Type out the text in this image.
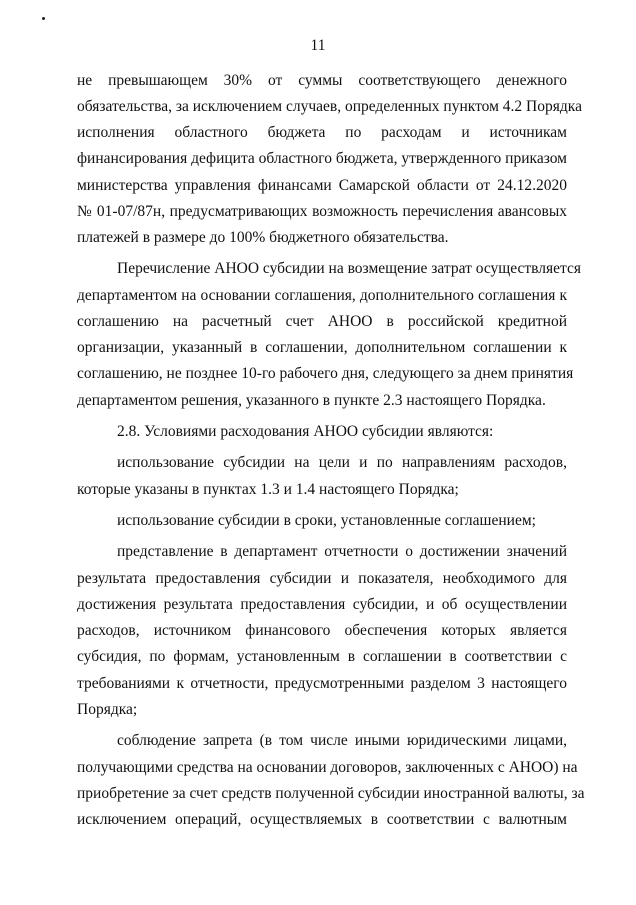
11
не превышающем 30% от суммы соответствующего денежного
обязательства, за исключением случаев, определенных пунктом 4.2 Порядка
исполнения областного бюджета по расходам и источникам
финансирования дефицита областного бюджета, утвержденного приказом
министерства управления финансами Самарской области от 24.12.2020
№ 01-07/87н, предусматривающих возможность перечисления авансовых
платежей в размере до 100% бюджетного обязательства.
Перечисление АНОО субсидии на возмещение затрат осуществляется
департаментом на основании соглашения, дополнительного соглашения к
соглашению на расчетный счет АНОО в российской кредитной
организации, указанный в соглашении, дополнительном соглашении к
соглашению, не позднее 10-го рабочего дня, следующего за днем принятия
департаментом решения, указанного в пункте 2.3 настоящего Порядка.
2.8. Условиями расходования АНОО субсидии являются:
использование субсидии на цели и по направлениям расходов,
которые указаны в пунктах 1.3 и 1.4 настоящего Порядка;
использование субсидии в сроки, установленные соглашением;
представление в департамент отчетности о достижении значений
результата предоставления субсидии и показателя, необходимого для
достижения результата предоставления субсидии, и об осуществлении
расходов, источником финансового обеспечения которых является
субсидия, по формам, установленным в соглашении в соответствии с
требованиями к отчетности, предусмотренными разделом 3 настоящего
Порядка;
соблюдение запрета (в том числе иными юридическими лицами,
получающими средства на основании договоров, заключенных с АНОО) на
приобретение за счет средств полученной субсидии иностранной валюты, за
исключением операций, осуществляемых в соответствии с валютным
